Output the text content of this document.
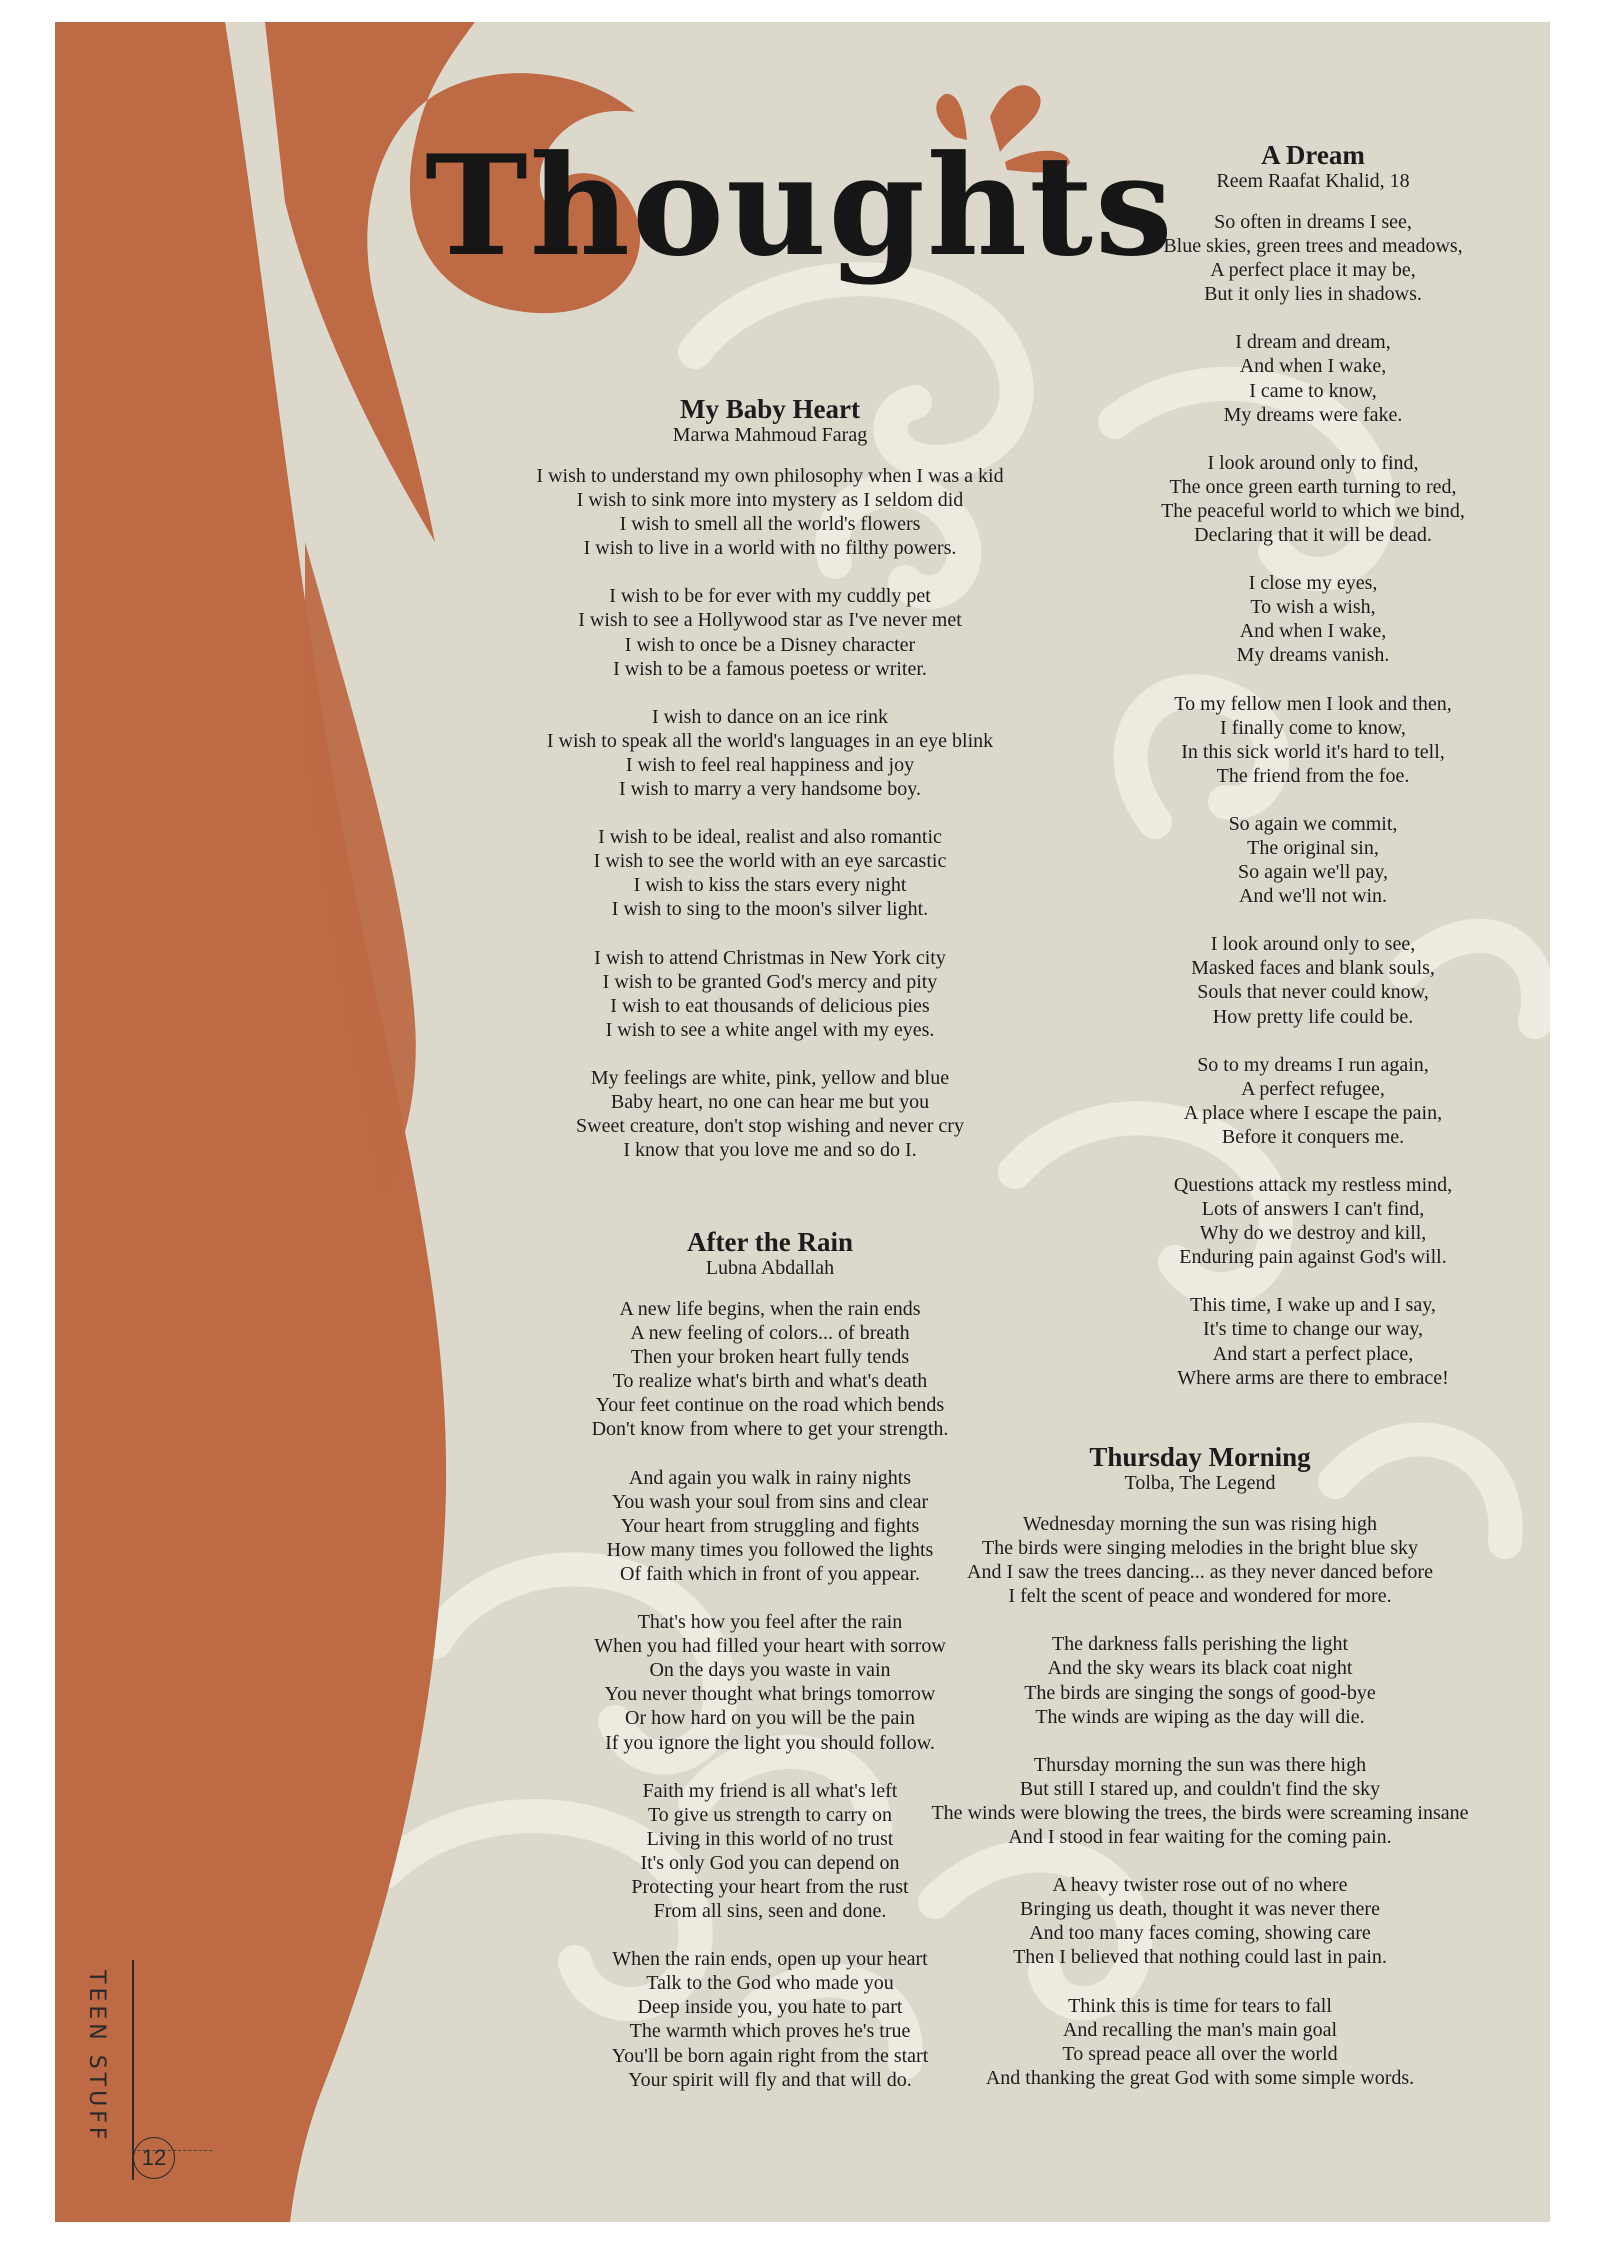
Thoughts
My Baby Heart
Marwa Mahmoud Farag
I wish to understand my own philosophy when I was a kid
I wish to sink more into mystery as I seldom did
I wish to smell all the world's flowers
I wish to live in a world with no filthy powers.
I wish to be for ever with my cuddly pet
I wish to see a Hollywood star as I've never met
I wish to once be a Disney character
I wish to be a famous poetess or writer.
I wish to dance on an ice rink
I wish to speak all the world's languages in an eye blink
I wish to feel real happiness and joy
I wish to marry a very handsome boy.
I wish to be ideal, realist and also romantic
I wish to see the world with an eye sarcastic
I wish to kiss the stars every night
I wish to sing to the moon's silver light.
I wish to attend Christmas in New York city
I wish to be granted God's mercy and pity
I wish to eat thousands of delicious pies
I wish to see a white angel with my eyes.
My feelings are white, pink, yellow and blue
Baby heart, no one can hear me but you
Sweet creature, don't stop wishing and never cry
I know that you love me and so do I.
After the Rain
Lubna Abdallah
A new life begins, when the rain ends
A new feeling of colors... of breath
Then your broken heart fully tends
To realize what's birth and what's death
Your feet continue on the road which bends
Don't know from where to get your strength.
And again you walk in rainy nights
You wash your soul from sins and clear
Your heart from struggling and fights
How many times you followed the lights
Of faith which in front of you appear.
That's how you feel after the rain
When you had filled your heart with sorrow
On the days you waste in vain
You never thought what brings tomorrow
Or how hard on you will be the pain
If you ignore the light you should follow.
Faith my friend is all what's left
To give us strength to carry on
Living in this world of no trust
It's only God you can depend on
Protecting your heart from the rust
From all sins, seen and done.
When the rain ends, open up your heart
Talk to the God who made you
Deep inside you, you hate to part
The warmth which proves he's true
You'll be born again right from the start
Your spirit will fly and that will do.
A Dream
Reem Raafat Khalid, 18
So often in dreams I see,
Blue skies, green trees and meadows,
A perfect place it may be,
But it only lies in shadows.
I dream and dream,
And when I wake,
I came to know,
My dreams were fake.
I look around only to find,
The once green earth turning to red,
The peaceful world to which we bind,
Declaring that it will be dead.
I close my eyes,
To wish a wish,
And when I wake,
My dreams vanish.
To my fellow men I look and then,
I finally come to know,
In this sick world it's hard to tell,
The friend from the foe.
So again we commit,
The original sin,
So again we'll pay,
And we'll not win.
I look around only to see,
Masked faces and blank souls,
Souls that never could know,
How pretty life could be.
So to my dreams I run again,
A perfect refugee,
A place where I escape the pain,
Before it conquers me.
Questions attack my restless mind,
Lots of answers I can't find,
Why do we destroy and kill,
Enduring pain against God's will.
This time, I wake up and I say,
It's time to change our way,
And start a perfect place,
Where arms are there to embrace!
Thursday Morning
Tolba, The Legend
Wednesday morning the sun was rising high
The birds were singing melodies in the bright blue sky
And I saw the trees dancing... as they never danced before
I felt the scent of peace and wondered for more.
The darkness falls perishing the light
And the sky wears its black coat night
The birds are singing the songs of good-bye
The winds are wiping as the day will die.
Thursday morning the sun was there high
But still I stared up, and couldn't find the sky
The winds were blowing the trees, the birds were screaming insane
And I stood in fear waiting for the coming pain.
A heavy twister rose out of no where
Bringing us death, thought it was never there
And too many faces coming, showing care
Then I believed that nothing could last in pain.
Think this is time for tears to fall
And recalling the man's main goal
To spread peace all over the world
And thanking the great God with some simple words.
TEEN STUFF
12
